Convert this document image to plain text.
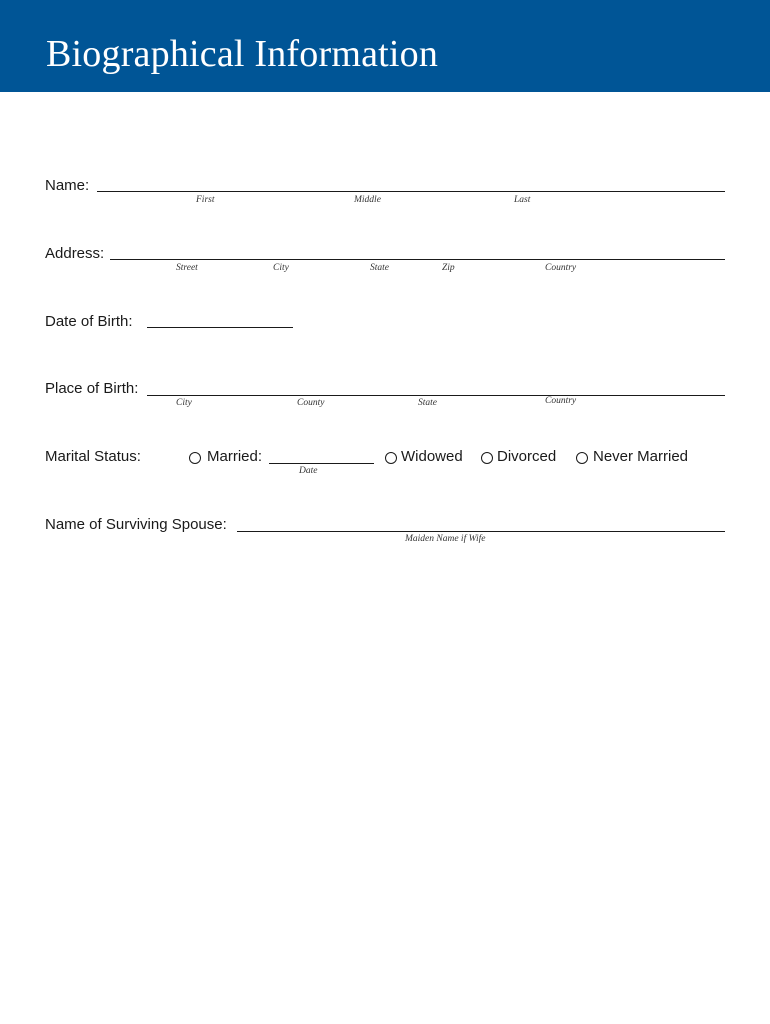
Biographical Information
Name:
First	Middle	Last
Address:
Street	City	State	Zip	Country
Date of Birth:
Place of Birth:
City	County	State	Country
Marital Status:	Married:
Date
Widowed Divorced Never Married
Name of Surviving Spouse:
Maiden Name if Wife
